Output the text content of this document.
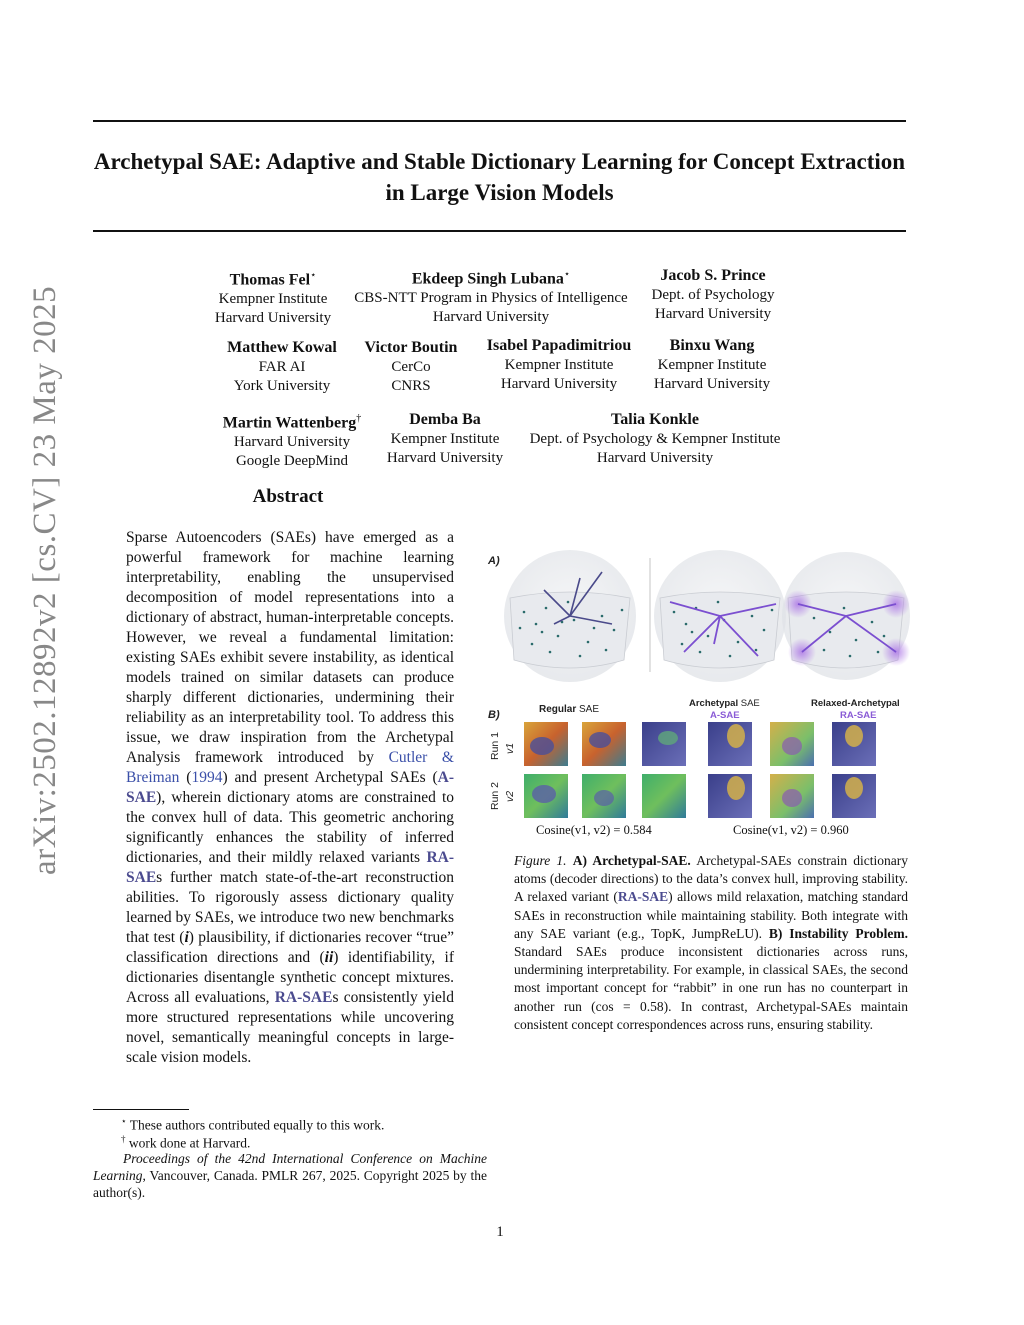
arXiv:2502.12892v2 [cs.CV] 23 May 2025
Archetypal SAE: Adaptive and Stable Dictionary Learning for Concept Extraction in Large Vision Models
Thomas Fel⋆
Kempner Institute
Harvard University
Ekdeep Singh Lubana⋆
CBS-NTT Program in Physics of Intelligence
Harvard University
Jacob S. Prince
Dept. of Psychology
Harvard University
Matthew Kowal
FAR AI
York University
Victor Boutin
CerCo
CNRS
Isabel Papadimitriou
Kempner Institute
Harvard University
Binxu Wang
Kempner Institute
Harvard University
Martin Wattenberg†
Harvard University
Google DeepMind
Demba Ba
Kempner Institute
Harvard University
Talia Konkle
Dept. of Psychology & Kempner Institute
Harvard University
Abstract
Sparse Autoencoders (SAEs) have emerged as a powerful framework for machine learning interpretability, enabling the unsupervised decomposition of model representations into a dictionary of abstract, human-interpretable concepts. However, we reveal a fundamental limitation: existing SAEs exhibit severe instability, as identical models trained on similar datasets can produce sharply different dictionaries, undermining their reliability as an interpretability tool. To address this issue, we draw inspiration from the Archetypal Analysis framework introduced by Cutler & Breiman (1994) and present Archetypal SAEs (A-SAE), wherein dictionary atoms are constrained to the convex hull of data. This geometric anchoring significantly enhances the stability of inferred dictionaries, and their mildly relaxed variants RA-SAEs further match state-of-the-art reconstruction abilities. To rigorously assess dictionary quality learned by SAEs, we introduce two new benchmarks that test (i) plausibility, if dictionaries recover “true” classification directions and (ii) identifiability, if dictionaries disentangle synthetic concept mixtures. Across all evaluations, RA-SAEs consistently yield more structured representations while uncovering novel, semantically meaningful concepts in large-scale vision models.
A)
B)	Regular SAE
Archetypal SAE
A-SAE
Relaxed-Archetypal
RA-SAE
Run 1 v1
Run 2 v2
Cosine(v1, v2) = 0.584	Cosine(v1, v2) = 0.960
Figure 1. A) Archetypal-SAE. Archetypal-SAEs constrain dictionary atoms (decoder directions) to the data’s convex hull, improving stability. A relaxed variant (RA-SAE) allows mild relaxation, matching standard SAEs in reconstruction while maintaining stability. Both integrate with any SAE variant (e.g., TopK, JumpReLU). B) Instability Problem. Standard SAEs produce inconsistent dictionaries across runs, undermining interpretability. For example, in classical SAEs, the second most important concept for “rabbit” in one run has no counterpart in another run (cos = 0.58). In contrast, Archetypal-SAEs maintain consistent concept correspondences across runs, ensuring stability.
⋆ These authors contributed equally to this work.
† work done at Harvard.
Proceedings of the 42nd International Conference on Machine Learning, Vancouver, Canada. PMLR 267, 2025. Copyright 2025 by the author(s).
1
